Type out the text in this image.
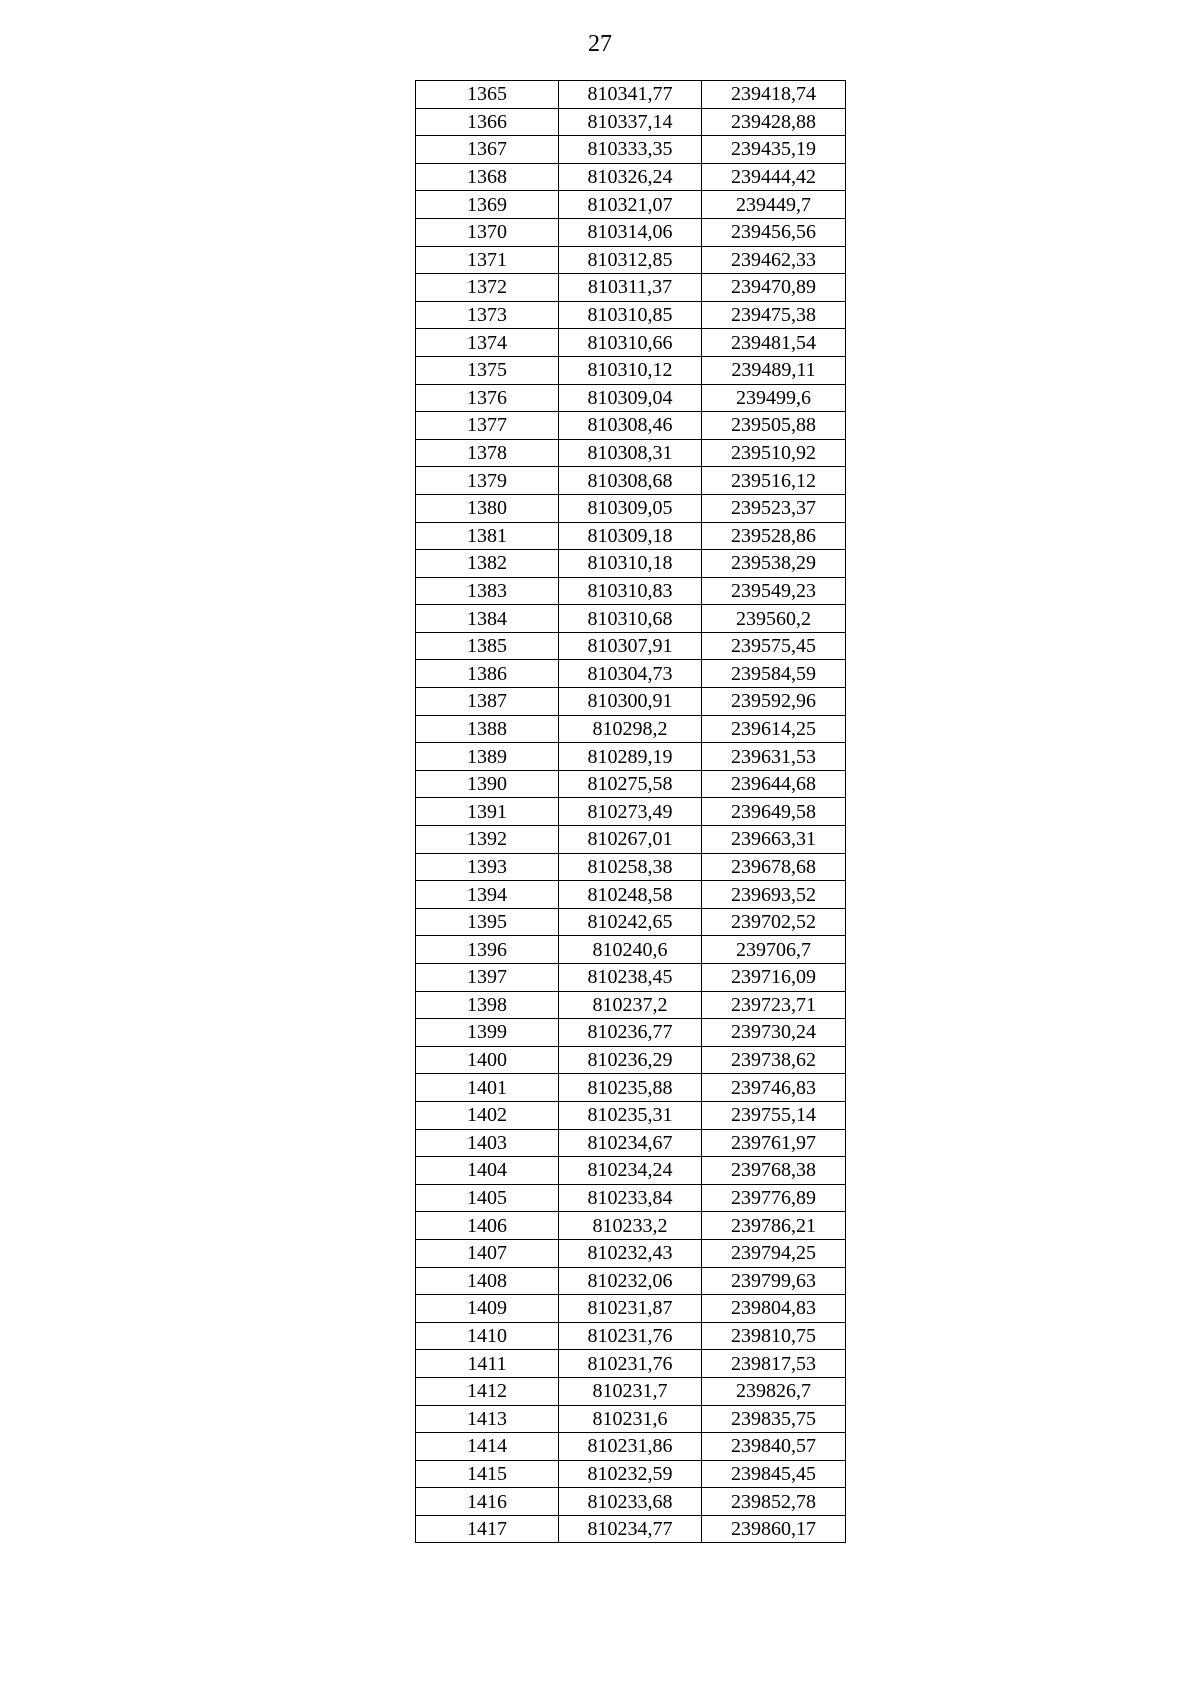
27
1365	810341,77	239418,74
1366	810337,14	239428,88
1367	810333,35	239435,19
1368	810326,24	239444,42
1369	810321,07	239449,7
1370	810314,06	239456,56
1371	810312,85	239462,33
1372	810311,37	239470,89
1373	810310,85	239475,38
1374	810310,66	239481,54
1375	810310,12	239489,11
1376	810309,04	239499,6
1377	810308,46	239505,88
1378	810308,31	239510,92
1379	810308,68	239516,12
1380	810309,05	239523,37
1381	810309,18	239528,86
1382	810310,18	239538,29
1383	810310,83	239549,23
1384	810310,68	239560,2
1385	810307,91	239575,45
1386	810304,73	239584,59
1387	810300,91	239592,96
1388	810298,2	239614,25
1389	810289,19	239631,53
1390	810275,58	239644,68
1391	810273,49	239649,58
1392	810267,01	239663,31
1393	810258,38	239678,68
1394	810248,58	239693,52
1395	810242,65	239702,52
1396	810240,6	239706,7
1397	810238,45	239716,09
1398	810237,2	239723,71
1399	810236,77	239730,24
1400	810236,29	239738,62
1401	810235,88	239746,83
1402	810235,31	239755,14
1403	810234,67	239761,97
1404	810234,24	239768,38
1405	810233,84	239776,89
1406	810233,2	239786,21
1407	810232,43	239794,25
1408	810232,06	239799,63
1409	810231,87	239804,83
1410	810231,76	239810,75
1411	810231,76	239817,53
1412	810231,7	239826,7
1413	810231,6	239835,75
1414	810231,86	239840,57
1415	810232,59	239845,45
1416	810233,68	239852,78
1417	810234,77	239860,17
